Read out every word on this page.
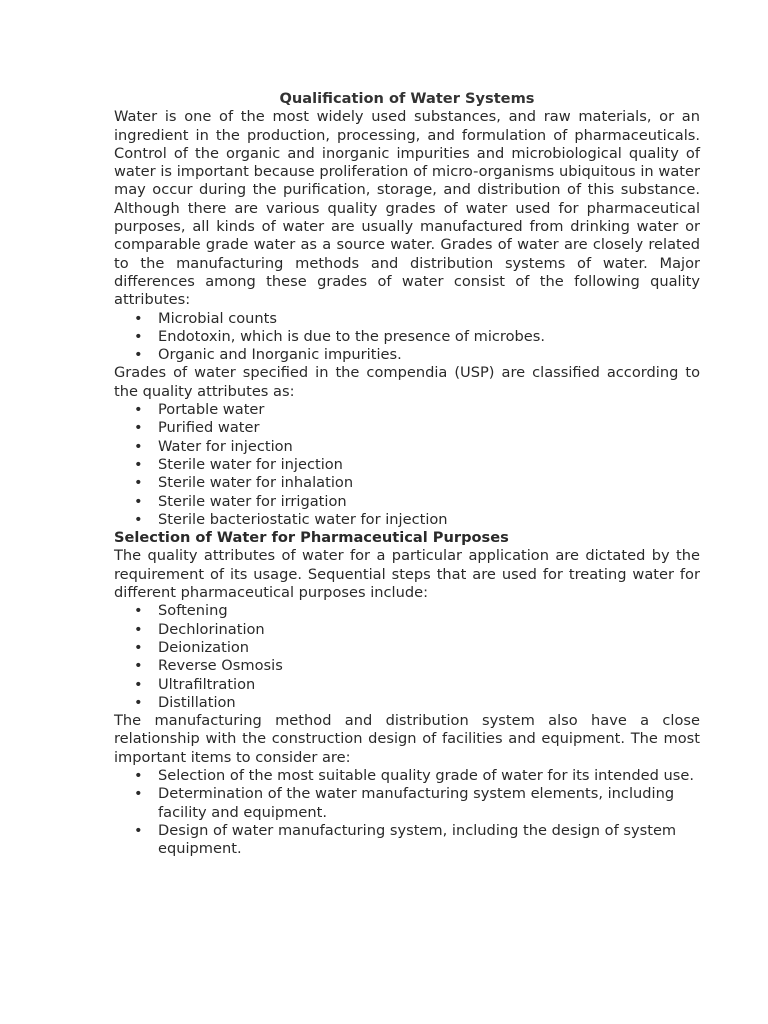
Qualification of Water Systems

Water is one of the most widely used substances, and raw materials, or an ingredient in the production, processing, and formulation of pharmaceuticals. Control of the organic and inorganic impurities and microbiological quality of water is important because proliferation of micro-organisms ubiquitous in water may occur during the purification, storage, and distribution of this substance. Although there are various quality grades of water used for pharmaceutical purposes, all kinds of water are usually manufactured from drinking water or comparable grade water as a source water. Grades of water are closely related to the manufacturing methods and distribution systems of water. Major differences among these grades of water consist of the following quality attributes:

• Microbial counts
• Endotoxin, which is due to the presence of microbes.
• Organic and Inorganic impurities.

Grades of water specified in the compendia (USP) are classified according to the quality attributes as:

• Portable water
• Purified water
• Water for injection
• Sterile water for injection
• Sterile water for inhalation
• Sterile water for irrigation
• Sterile bacteriostatic water for injection

Selection of Water for Pharmaceutical Purposes

The quality attributes of water for a particular application are dictated by the requirement of its usage. Sequential steps that are used for treating water for different pharmaceutical purposes include:

• Softening
• Dechlorination
• Deionization
• Reverse Osmosis
• Ultrafiltration
• Distillation

The manufacturing method and distribution system also have a close relationship with the construction design of facilities and equipment. The most important items to consider are:

• Selection of the most suitable quality grade of water for its intended use.
• Determination of the water manufacturing system elements, including facility and equipment.
• Design of water manufacturing system, including the design of system equipment.
